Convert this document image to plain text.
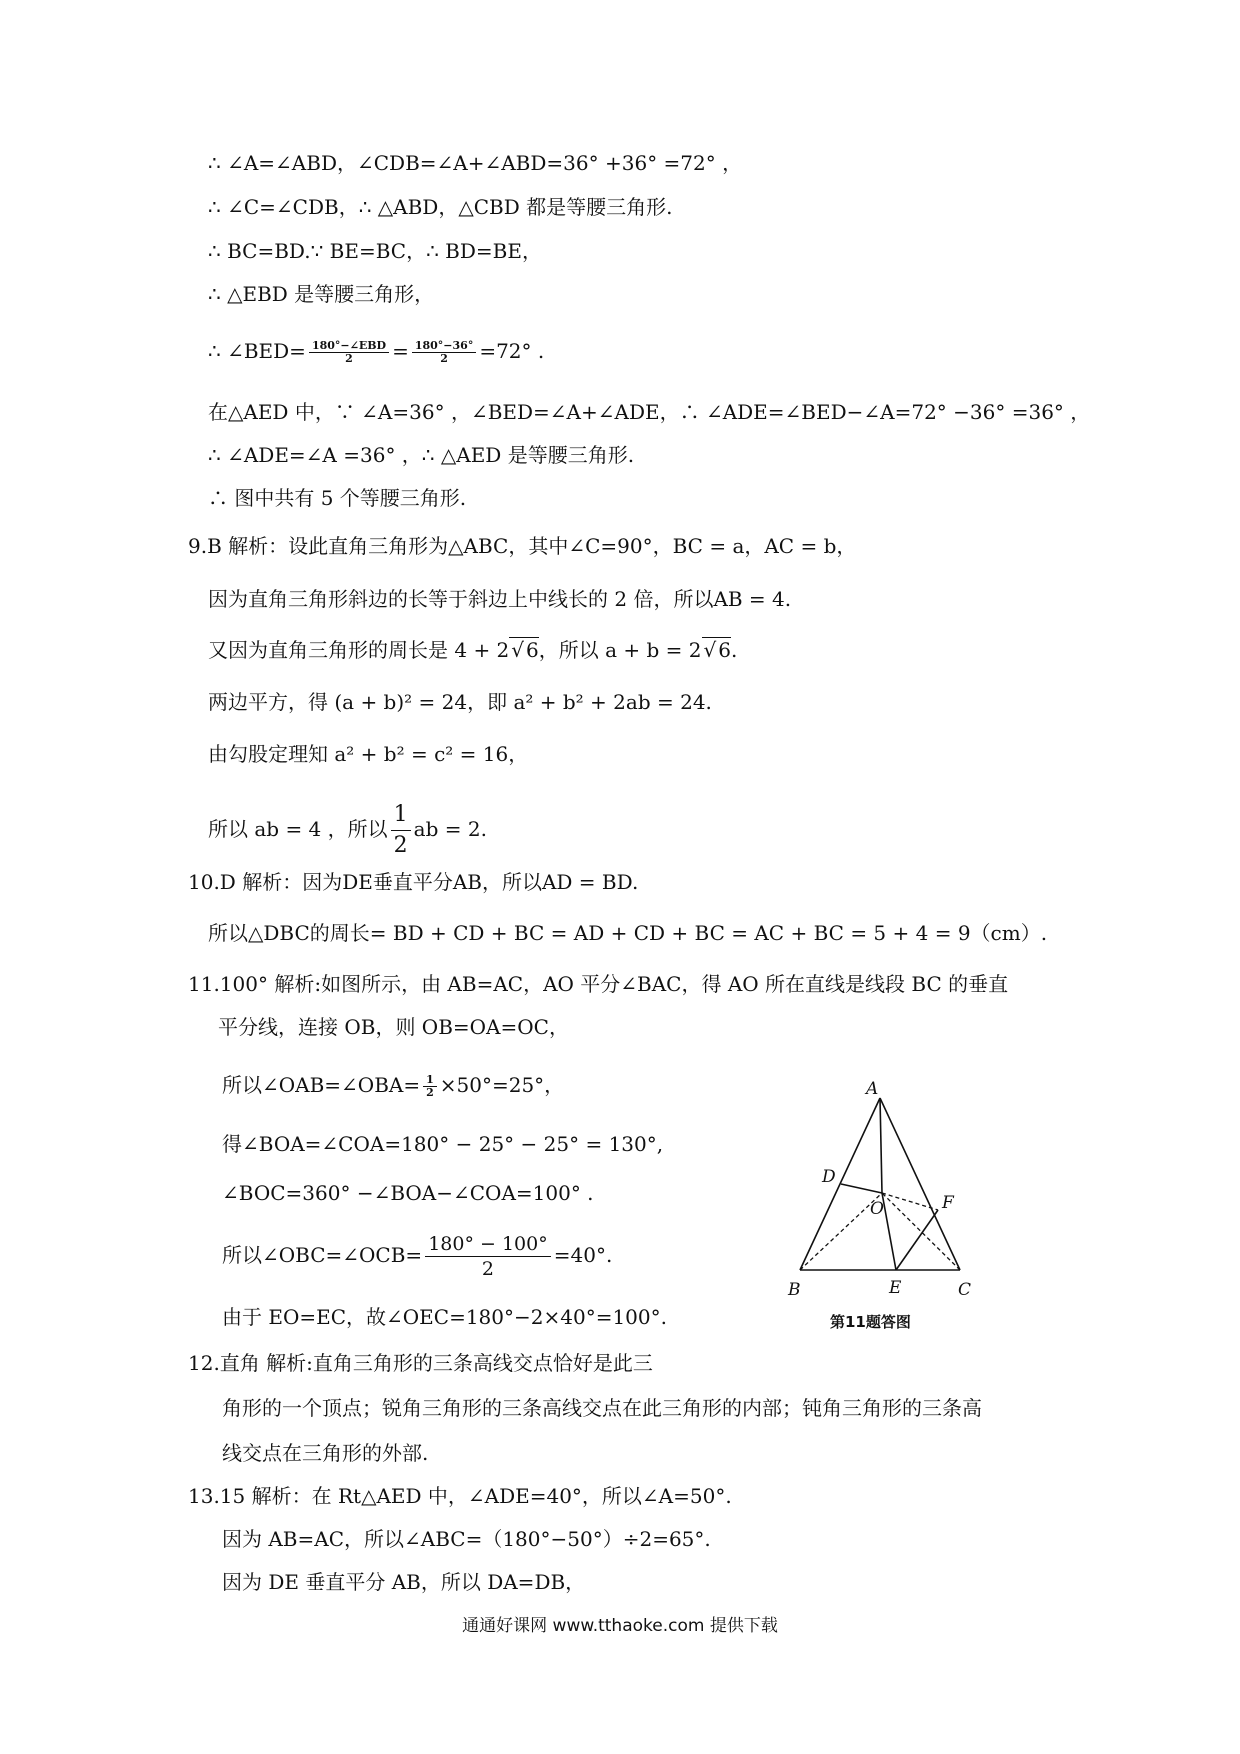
∴ ∠A=∠ABD，∠CDB=∠A+∠ABD=36° +36° =72° ，
∴ ∠C=∠CDB，∴ △ABD，△CBD 都是等腰三角形.
∴ BC=BD.∵ BE=BC，∴ BD=BE，
∴ △EBD 是等腰三角形，
∴ ∠BED= $\frac{\text{180°−∠EBD}}{2} = \frac{180^\circ-36^\circ}{2} =72^\circ$ .
在△AED 中，∵ ∠A=36° ，∠BED=∠A+∠ADE，∴ ∠ADE=∠BED−∠A=72° −36° =36° ，
∴ ∠ADE=∠A =36° ，∴ △AED 是等腰三角形.
∴ 图中共有 5 个等腰三角形.
9.B 解析：设此直角三角形为△ABC，其中∠C=90°，BC = a，AC = b，
因为直角三角形斜边的长等于斜边上中线长的 2 倍，所以AB = 4.
又因为直角三角形的周长是 4 + 2 √ 6，所以 a + b = 2 √ 6.
两边平方，得 (a + b)² = 24，即 a² + b² + 2ab = 24.
由勾股定理知 a² + b² = c² = 16，
所以 ab = 4 ，所以 $\frac{1}{2}$ ab = 2.
10.D 解析：因为DE垂直平分AB，所以AD = BD.
所以△DBC的周长= BD + CD + BC = AD + CD + BC = AC + BC = 5 + 4 = 9（cm）.
11.100° 解析:如图所示，由 AB=AC，AO 平分∠BAC，得 AO 所在直线是线段 BC 的垂直
平分线，连接 OB，则 OB=OA=OC，
所以∠OAB=∠OBA= $\frac{1}{2} \times 50^\circ=25^\circ$，
得∠BOA=∠COA=180° − 25° − 25° = 130°,
∠BOC=360° −∠BOA−∠COA=100° .
所以∠OBC=∠OCB= $\frac{180^\circ - 100^\circ}{2} =40^\circ$.
由于 EO=EC，故∠OEC=180°−2×40°=100°.
12.直角 解析:直角三角形的三条高线交点恰好是此三
角形的一个顶点；锐角三角形的三条高线交点在此三角形的内部；钝角三角形的三条高
线交点在三角形的外部.
13.15 解析：在 Rt△AED 中，∠ADE=40°，所以∠A=50°.
因为 AB=AC，所以∠ABC=（180°−50°）÷2=65°.
因为 DE 垂直平分 AB，所以 DA=DB，
A
B	C
D
E
F
O
第11题答图
通通好课网 www.tthaoke.com 提供下载
